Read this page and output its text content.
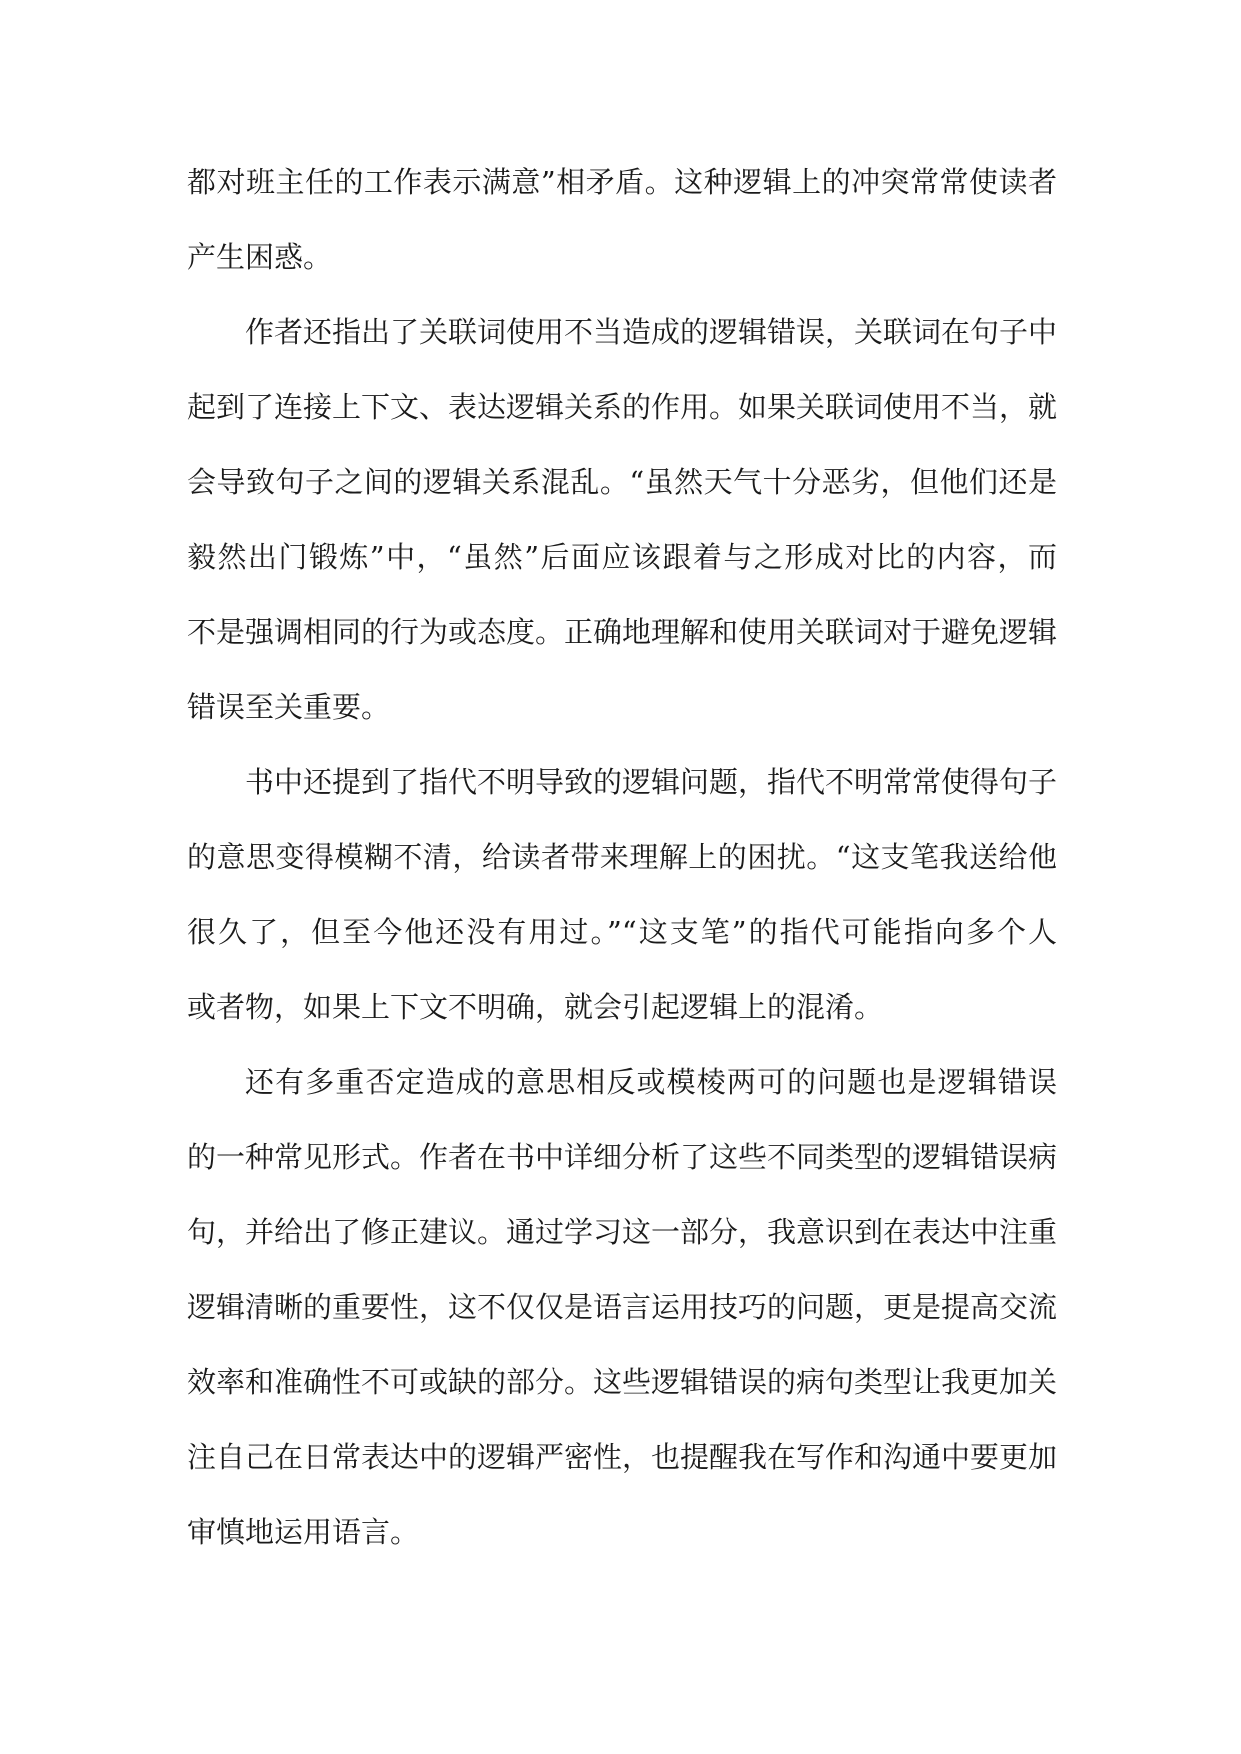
都对班主任的工作表示满意”相矛盾。这种逻辑上的冲突常常使读者
产生困惑。
作者还指出了关联词使用不当造成的逻辑错误，关联词在句子中
起到了连接上下文、表达逻辑关系的作用。如果关联词使用不当，就
会导致句子之间的逻辑关系混乱。“虽然天气十分恶劣，但他们还是
毅然出门锻炼”中，“虽然”后面应该跟着与之形成对比的内容，而
不是强调相同的行为或态度。正确地理解和使用关联词对于避免逻辑
错误至关重要。
书中还提到了指代不明导致的逻辑问题，指代不明常常使得句子
的意思变得模糊不清，给读者带来理解上的困扰。“这支笔我送给他
很久了，但至今他还没有用过。”“这支笔”的指代可能指向多个人
或者物，如果上下文不明确，就会引起逻辑上的混淆。
还有多重否定造成的意思相反或模棱两可的问题也是逻辑错误
的一种常见形式。作者在书中详细分析了这些不同类型的逻辑错误病
句，并给出了修正建议。通过学习这一部分，我意识到在表达中注重
逻辑清晰的重要性，这不仅仅是语言运用技巧的问题，更是提高交流
效率和准确性不可或缺的部分。这些逻辑错误的病句类型让我更加关
注自己在日常表达中的逻辑严密性，也提醒我在写作和沟通中要更加
审慎地运用语言。
